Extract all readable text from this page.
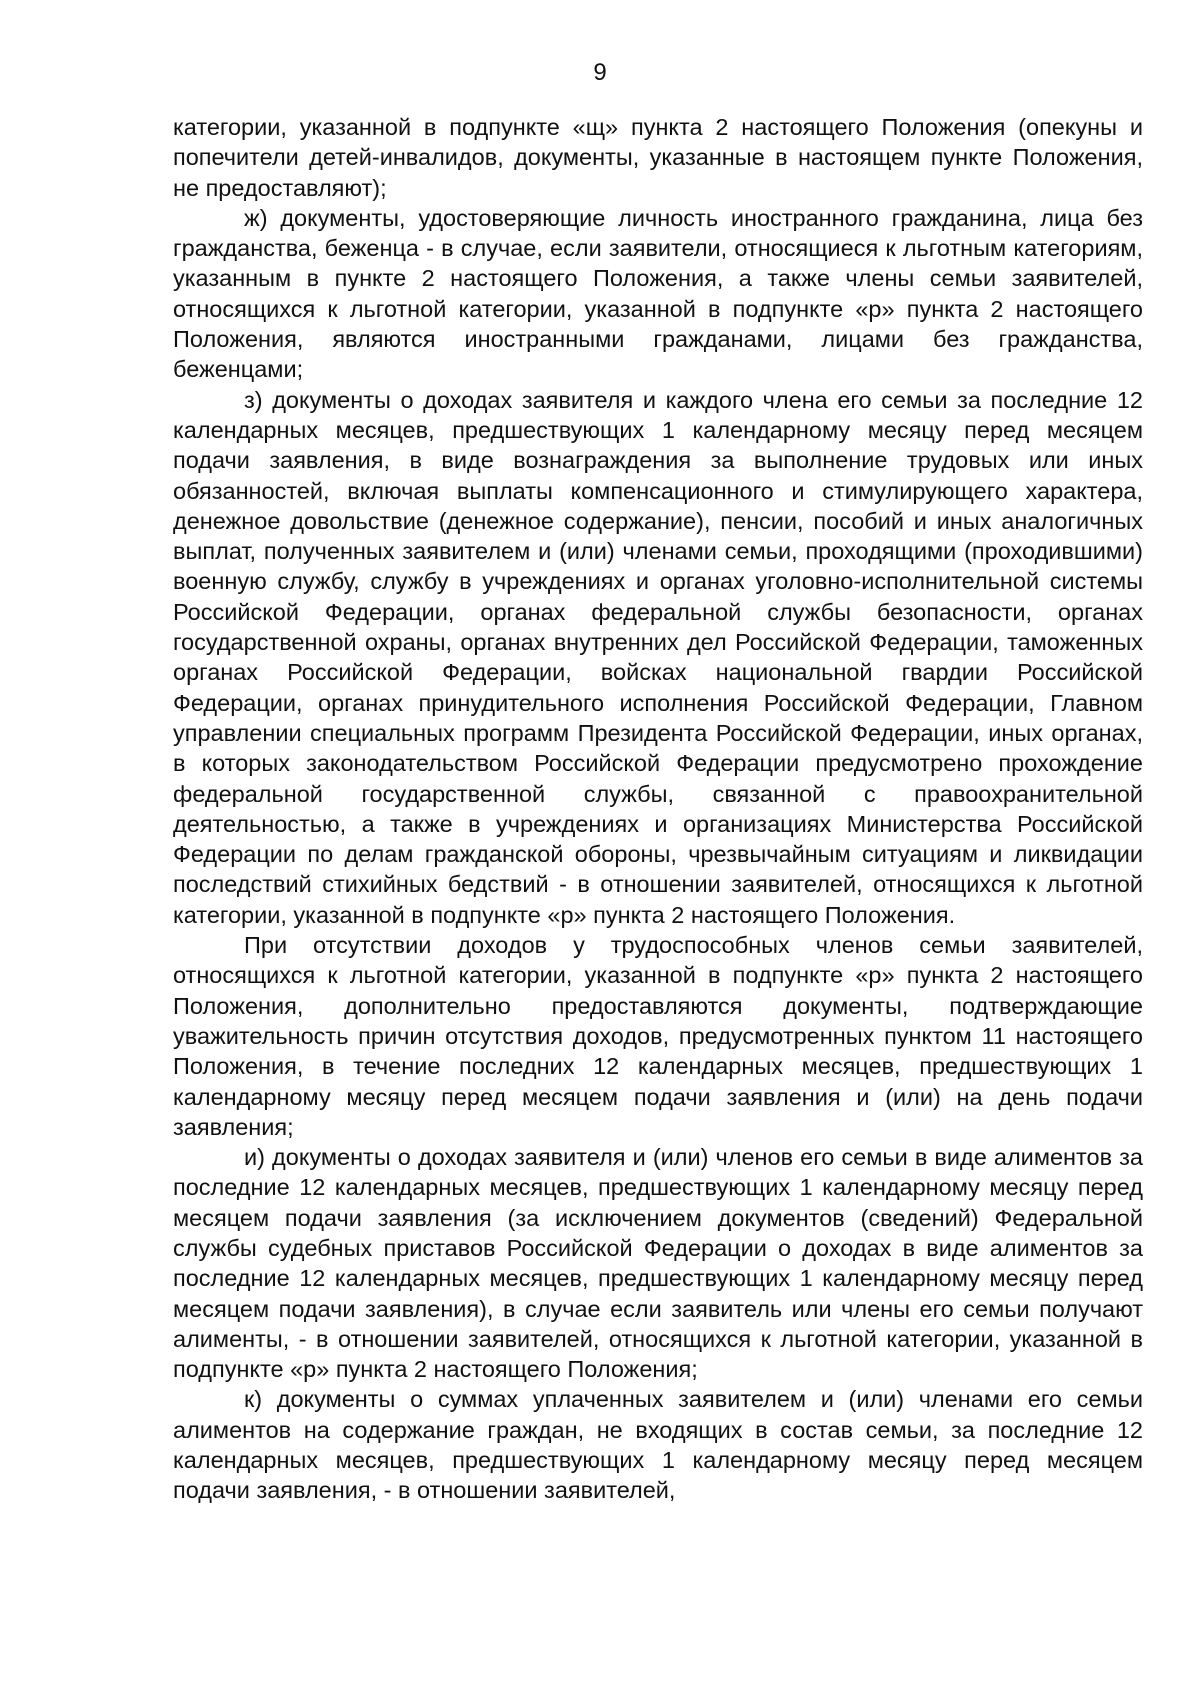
9

категории, указанной в подпункте «щ» пункта 2 настоящего Положения (опекуны и попечители детей-инвалидов, документы, указанные в настоящем пункте Положения, не предоставляют);

ж) документы, удостоверяющие личность иностранного гражданина, лица без гражданства, беженца - в случае, если заявители, относящиеся к льготным категориям, указанным в пункте 2 настоящего Положения, а также члены семьи заявителей, относящихся к льготной категории, указанной в подпункте «р» пункта 2 настоящего Положения, являются иностранными гражданами, лицами без гражданства, беженцами;

з) документы о доходах заявителя и каждого члена его семьи за последние 12 календарных месяцев, предшествующих 1 календарному месяцу перед месяцем подачи заявления, в виде вознаграждения за выполнение трудовых или иных обязанностей, включая выплаты компенсационного и стимулирующего характера, денежное довольствие (денежное содержание), пенсии, пособий и иных аналогичных выплат, полученных заявителем и (или) членами семьи, проходящими (проходившими) военную службу, службу в учреждениях и органах уголовно-исполнительной системы Российской Федерации, органах федеральной службы безопасности, органах государственной охраны, органах внутренних дел Российской Федерации, таможенных органах Российской Федерации, войсках национальной гвардии Российской Федерации, органах принудительного исполнения Российской Федерации, Главном управлении специальных программ Президента Российской Федерации, иных органах, в которых законодательством Российской Федерации предусмотрено прохождение федеральной государственной службы, связанной с правоохранительной деятельностью, а также в учреждениях и организациях Министерства Российской Федерации по делам гражданской обороны, чрезвычайным ситуациям и ликвидации последствий стихийных бедствий - в отношении заявителей, относящихся к льготной категории, указанной в подпункте «р» пункта 2 настоящего Положения.

При отсутствии доходов у трудоспособных членов семьи заявителей, относящихся к льготной категории, указанной в подпункте «р» пункта 2 настоящего Положения, дополнительно предоставляются документы, подтверждающие уважительность причин отсутствия доходов, предусмотренных пунктом 11 настоящего Положения, в течение последних 12 календарных месяцев, предшествующих 1 календарному месяцу перед месяцем подачи заявления и (или) на день подачи заявления;

и) документы о доходах заявителя и (или) членов его семьи в виде алиментов за последние 12 календарных месяцев, предшествующих 1 календарному месяцу перед месяцем подачи заявления (за исключением документов (сведений) Федеральной службы судебных приставов Российской Федерации о доходах в виде алиментов за последние 12 календарных месяцев, предшествующих 1 календарному месяцу перед месяцем подачи заявления), в случае если заявитель или члены его семьи получают алименты, - в отношении заявителей, относящихся к льготной категории, указанной в подпункте «р» пункта 2 настоящего Положения;

к) документы о суммах уплаченных заявителем и (или) членами его семьи алиментов на содержание граждан, не входящих в состав семьи, за последние 12 календарных месяцев, предшествующих 1 календарному месяцу перед месяцем подачи заявления, - в отношении заявителей,
